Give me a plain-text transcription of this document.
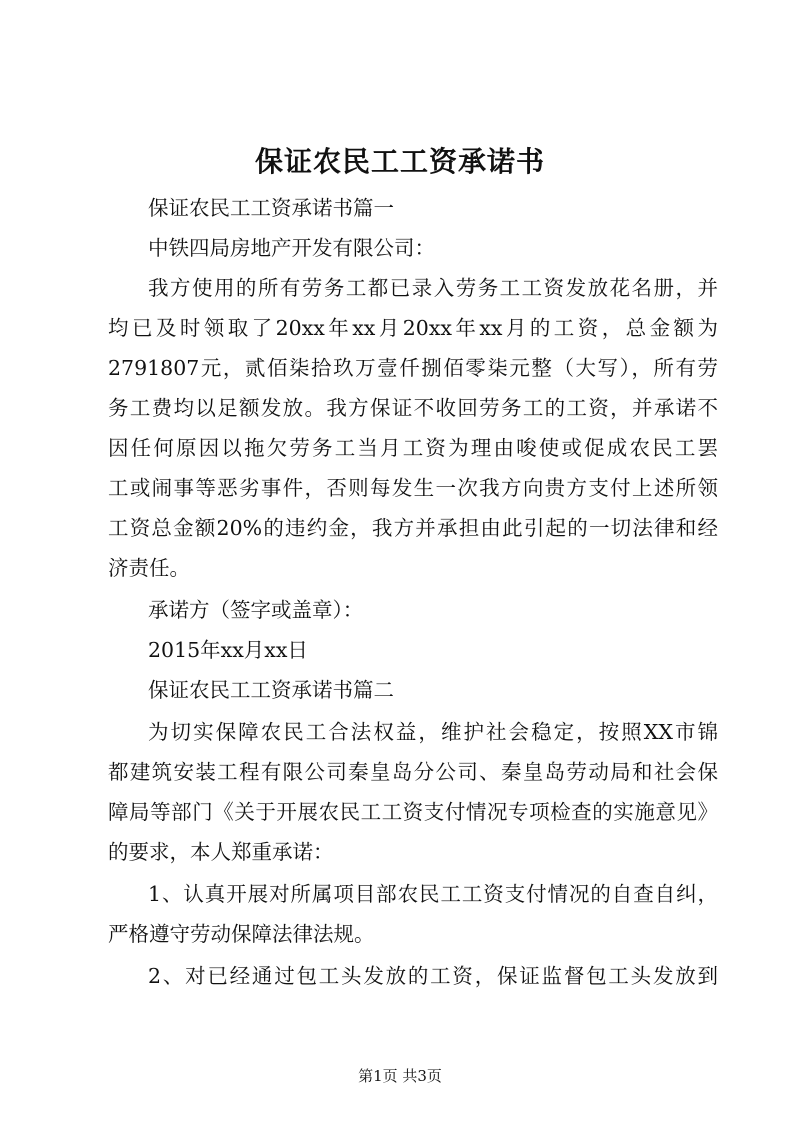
保证农民工工资承诺书
保证农民工工资承诺书篇一
中铁四局房地产开发有限公司：
我方使用的所有劳务工都已录入劳务工工资发放花名册，并
均已及时领取了20xx年xx月20xx年xx月的工资，总金额为
2791807元，贰佰柒拾玖万壹仟捌佰零柒元整（大写），所有劳
务工费均以足额发放。我方保证不收回劳务工的工资，并承诺不
因任何原因以拖欠劳务工当月工资为理由唆使或促成农民工罢
工或闹事等恶劣事件，否则每发生一次我方向贵方支付上述所领
工资总金额20%的违约金，我方并承担由此引起的一切法律和经
济责任。
承诺方（签字或盖章）：
2015年xx月xx日
保证农民工工资承诺书篇二
为切实保障农民工合法权益，维护社会稳定，按照XX市锦
都建筑安装工程有限公司秦皇岛分公司、秦皇岛劳动局和社会保
障局等部门《关于开展农民工工资支付情况专项检查的实施意见》
的要求，本人郑重承诺：
1、认真开展对所属项目部农民工工资支付情况的自查自纠，
严格遵守劳动保障法律法规。
2、对已经通过包工头发放的工资，保证监督包工头发放到
第1页 共3页
